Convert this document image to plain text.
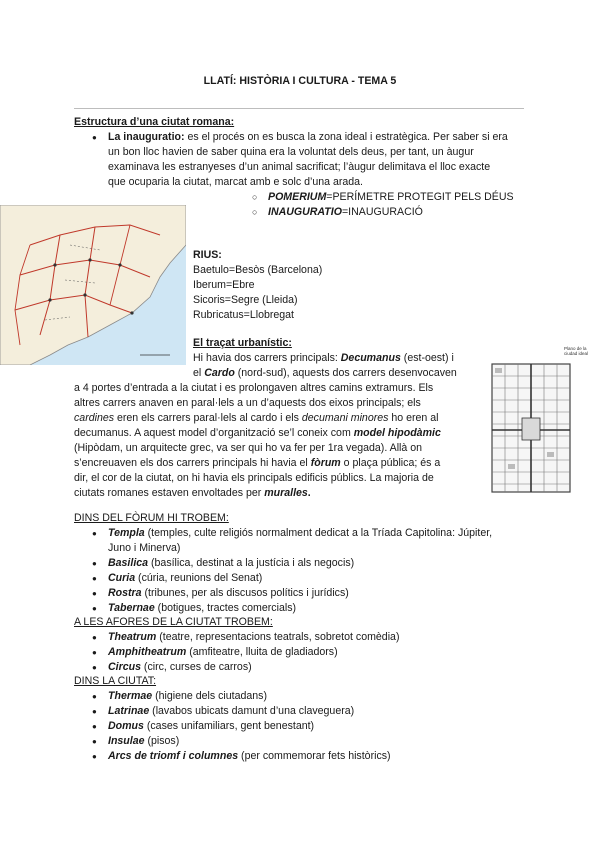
LLATÍ: HISTÒRIA I CULTURA - TEMA 5
Estructura d’una ciutat romana:
●
La inauguratio: es el procés on es busca la zona ideal i estratègica. Per saber si era
un bon lloc havien de saber quina era la voluntat dels deus, per tant, un àugur
examinava les estranyeses d’un animal sacrificat; l’àugur delimitava el lloc exacte
que ocuparia la ciutat, marcat amb e solc d’una arada.
○
POMERIUM=PERÍMETRE PROTEGIT PELS DÉUS
○
INAUGURATIO=INAUGURACIÓ
RIUS:
Baetulo=Besòs (Barcelona)
Iberum=Ebre
Sicoris=Segre (Lleida)
Rubricatus=Llobregat
El traçat urbanístic:
Hi havia dos carrers principals: Decumanus (est-oest) i
el Cardo (nord-sud), aquests dos carrers desenvocaven
a 4 portes d’entrada a la ciutat i es prolongaven altres camins extramurs. Els
altres carrers anaven en paral·lels a un d’aquests dos eixos principals; els
cardines eren els carrers paral·lels al cardo i els decumani minores ho eren al
decumanus. A aquest model d’organització se’l coneix com model hipodàmic
(Hipòdam, un arquitecte grec, va ser qui ho va fer per 1ra vegada). Allà on
s’encreuaven els dos carrers principals hi havia el fòrum o plaça pública; és a
dir, el cor de la ciutat, on hi havia els principals edificis públics. La majoria de
ciutats romanes estaven envoltades per muralles.
Plano de la ciudad ideal
DINS DEL FÒRUM HI TROBEM:
●
Templa (temples, culte religiós normalment dedicat a la Tríada Capitolina: Júpiter,
Juno i Minerva)
●
Basilica (basílica, destinat a la justícia i als negocis)
●
Curia (cúria, reunions del Senat)
●
Rostra (tribunes, per als discusos polítics i jurídics)
●
Tabernae (botigues, tractes comercials)
A LES AFORES DE LA CIUTAT TROBEM:
●
Theatrum (teatre, representacions teatrals, sobretot comèdia)
●
Amphitheatrum (amfiteatre, lluita de gladiadors)
●
Circus (circ, curses de carros)
DINS LA CIUTAT:
●
Thermae (higiene dels ciutadans)
●
Latrinae (lavabos ubicats damunt d’una claveguera)
●
Domus (cases unifamiliars, gent benestant)
●
Insulae (pisos)
●
Arcs de triomf i columnes (per commemorar fets històrics)
